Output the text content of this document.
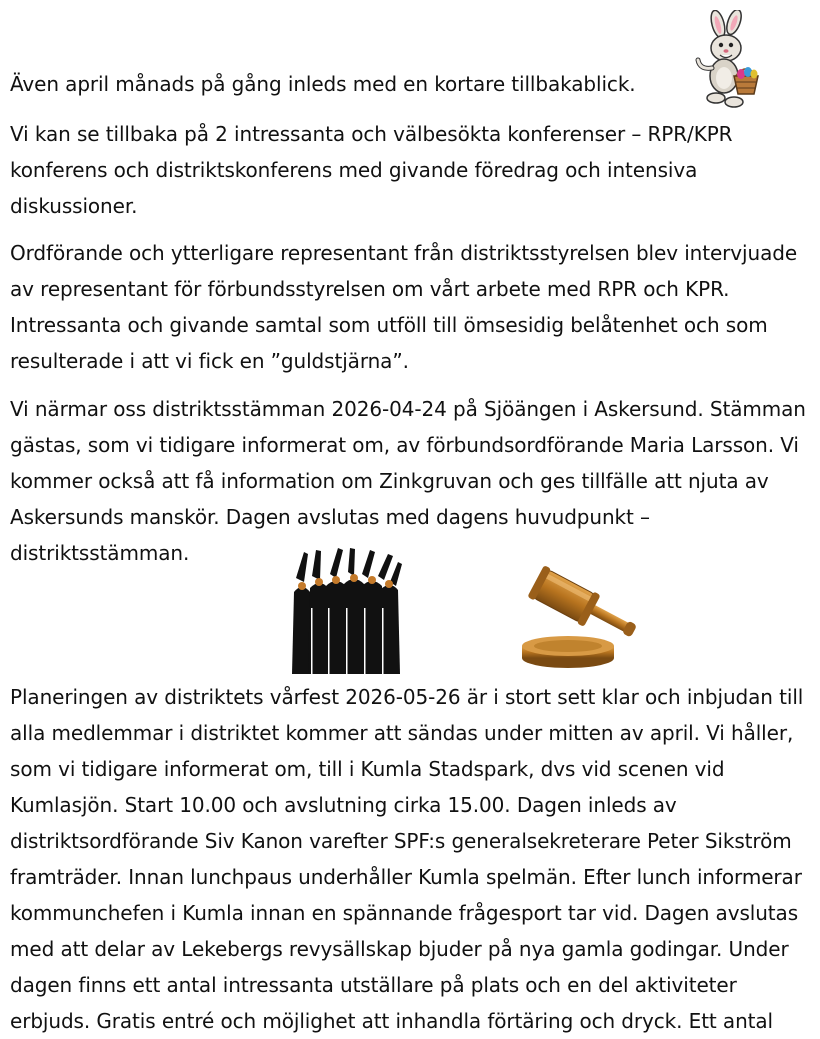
Även april månads på gång inleds med en kortare tillbakablick.

Vi kan se tillbaka på 2 intressanta och välbesökta konferenser – RPR/KPR
konferens och distriktskonferens med givande föredrag och intensiva
diskussioner.

Ordförande och ytterligare representant från distriktsstyrelsen blev intervjuade
av representant för förbundsstyrelsen om vårt arbete med RPR och KPR.
Intressanta och givande samtal som utföll till ömsesidig belåtenhet och som
resulterade i att vi fick en ”guldstjärna”.

Vi närmar oss distriktsstämman 2026-04-24 på Sjöängen i Askersund. Stämman
gästas, som vi tidigare informerat om, av förbundsordförande Maria Larsson. Vi
kommer också att få information om Zinkgruvan och ges tillfälle att njuta av
Askersunds manskör. Dagen avslutas med dagens huvudpunkt –
distriktsstämman.

Planeringen av distriktets vårfest 2026-05-26 är i stort sett klar och inbjudan till
alla medlemmar i distriktet kommer att sändas under mitten av april. Vi håller,
som vi tidigare informerat om, till i Kumla Stadspark, dvs vid scenen vid
Kumlasjön. Start 10.00 och avslutning cirka 15.00. Dagen inleds av
distriktsordförande Siv Kanon varefter SPF:s generalsekreterare Peter Sikström
framträder. Innan lunchpaus underhåller Kumla spelmän. Efter lunch informerar
kommunchefen i Kumla innan en spännande frågesport tar vid. Dagen avslutas
med att delar av Lekebergs revysällskap bjuder på nya gamla godingar. Under
dagen finns ett antal intressanta utställare på plats och en del aktiviteter
erbjuds. Gratis entré och möjlighet att inhandla förtäring och dryck. Ett antal
